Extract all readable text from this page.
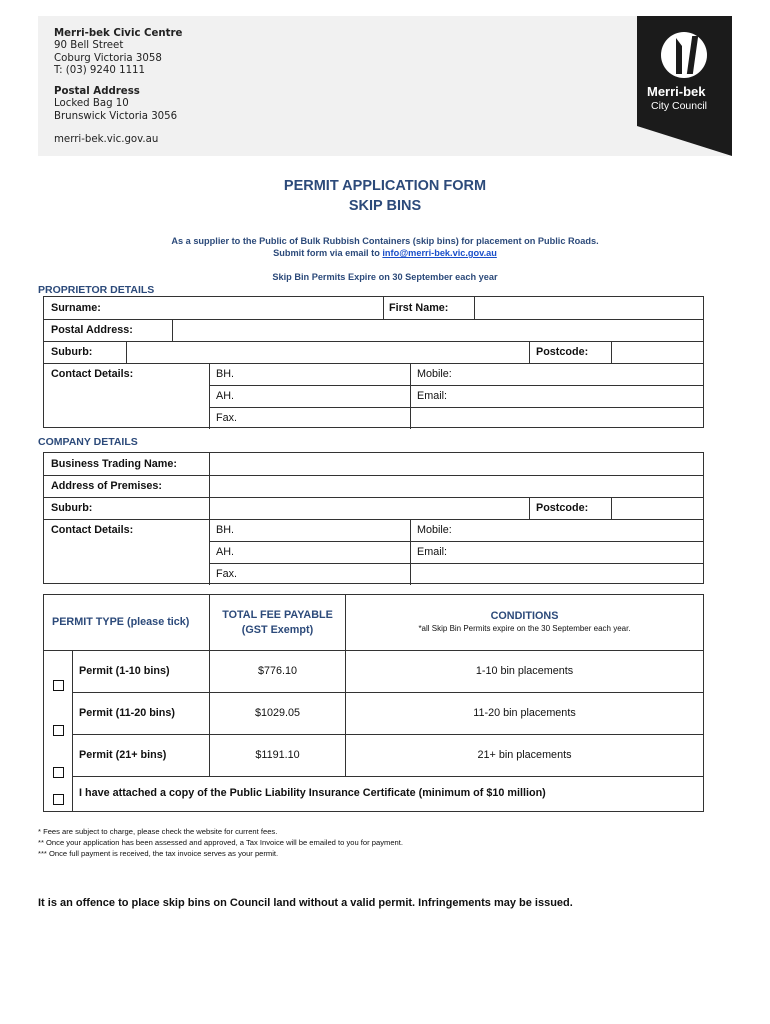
Merri-bek Civic Centre
90 Bell Street
Coburg Victoria 3058
T: (03) 9240 1111
Postal Address
Locked Bag 10
Brunswick Victoria 3056
merri-bek.vic.gov.au
Merri-bek
City Council
PERMIT APPLICATION FORM
SKIP BINS
As a supplier to the Public of Bulk Rubbish Containers (skip bins) for placement on Public Roads.
Submit form via email to info@merri-bek.vic.gov.au
Skip Bin Permits Expire on 30 September each year
PROPRIETOR DETAILS
Surname:	First Name:
Postal Address:
Suburb:	Postcode:
Contact Details:	BH.	Mobile:
AH.	Email:
Fax.
COMPANY DETAILS
Business Trading Name:
Address of Premises:
Suburb:	Postcode:
Contact Details:	BH.	Mobile:
AH.	Email:
Fax.
PERMIT TYPE (please tick)
TOTAL FEE PAYABLE
(GST Exempt)
CONDITIONS
*all Skip Bin Permits expire on the 30 September each year.
Permit (1-10 bins)	$776.10	1-10 bin placements
Permit (11-20 bins)	$1029.05	11-20 bin placements
Permit (21+ bins)	$1191.10	21+ bin placements
I have attached a copy of the Public Liability Insurance Certificate (minimum of $10 million)
* Fees are subject to charge, please check the website for current fees.
** Once your application has been assessed and approved, a Tax Invoice will be emailed to you for payment.
*** Once full payment is received, the tax invoice serves as your permit.
It is an offence to place skip bins on Council land without a valid permit. Infringements may be issued.
